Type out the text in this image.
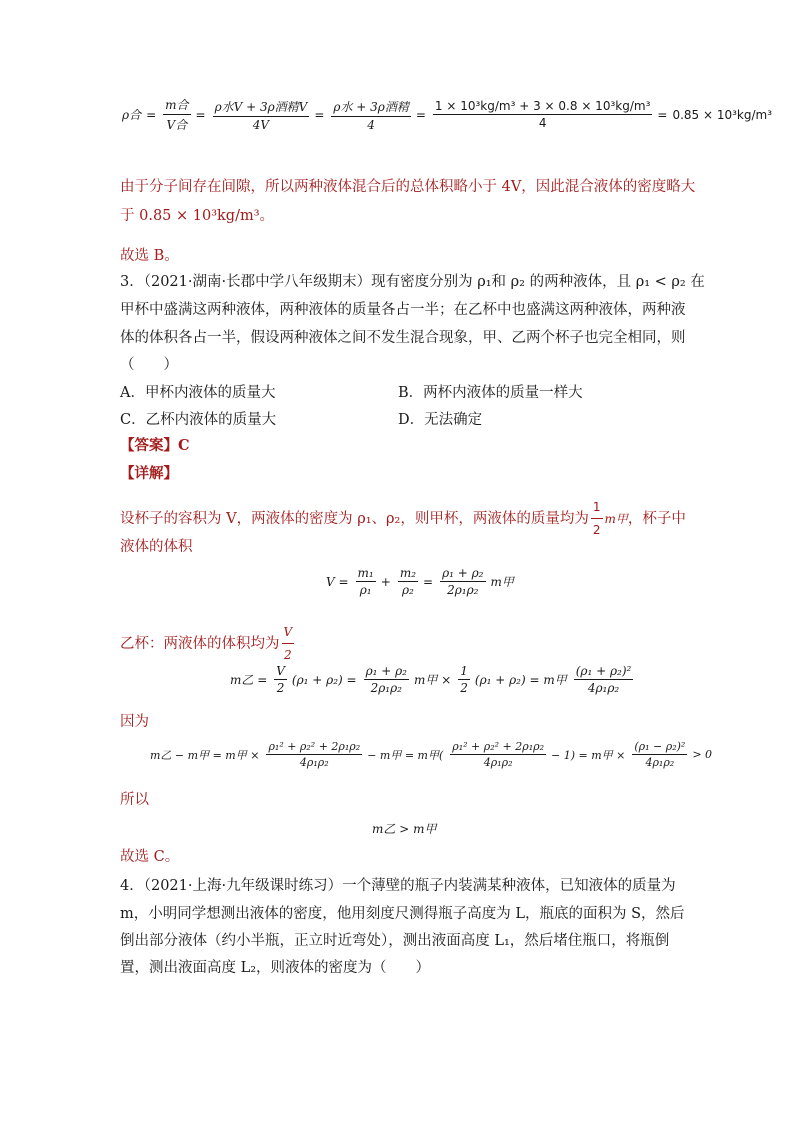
ρ合 = $\frac{\text{m合}}{\text{V合}} = \frac{\text{ρ水V + 3ρ酒精V}}{4V} = \frac{\text{ρ水 + 3ρ酒精}}{4} = \frac{\text{1 × 10³kg/m³ + 3 × 0.8 × 10³kg/m³}}{4} = 0.85 \times 10^3kg/m^3$
由于分子间存在间隙，所以两种液体混合后的总体积略小于 4V，因此混合液体的密度略大
于 0.85 × 10³kg/m³。
故选 B。
3．（2021·湖南·长郡中学八年级期末）现有密度分别为 ρ₁和 ρ₂ 的两种液体，且 ρ₁ < ρ₂ 在
甲杯中盛满这两种液体，两种液体的质量各占一半；在乙杯中也盛满这两种液体，两种液
体的体积各占一半，假设两种液体之间不发生混合现象，甲、乙两个杯子也完全相同，则
（　　）
A．甲杯内液体的质量大	B．两杯内液体的质量一样大
C．乙杯内液体的质量大	D．无法确定
【答案】C
【详解】
设杯子的容积为 V，两液体的密度为 ρ₁、ρ₂，则甲杯，两液体的质量均为 $\frac{1}{2}$ m甲 ，杯子中
液体的体积
$V = \frac{\text{m₁}}{\text{ρ₁}} + \frac{\text{m₂}}{\text{ρ₂}} = \frac{\text{ρ₁ + ρ₂}}{\text{2ρ₁ρ₂}}$ m甲
乙杯：两液体的体积均为 $\frac{V}{2}$
m乙 = $\frac{V}{2} (\rho_1 + \rho_2) = \frac{\text{ρ₁ + ρ₂}}{\text{2ρ₁ρ₂}}$ m甲 × $\frac{1}{2} (\rho_1 + \rho_2) = m$甲 $\frac{\text{(ρ₁ + ρ₂)²}}{\text{4ρ₁ρ₂}}$
因为
m乙 − m甲 = m甲 × $\frac{\text{ρ₁² + ρ₂² + 2ρ₁ρ₂}}{\text{4ρ₁ρ₂}} - m$甲 = m甲( $\frac{\text{ρ₁² + ρ₂² + 2ρ₁ρ₂}}{\text{4ρ₁ρ₂}} - 1) = m$甲 × $\frac{\text{(ρ₁ − ρ₂)²}}{\text{4ρ₁ρ₂}} > 0$
所以
m乙 > m甲
故选 C。
4．（2021·上海·九年级课时练习）一个薄壁的瓶子内装满某种液体，已知液体的质量为
m，小明同学想测出液体的密度，他用刻度尺测得瓶子高度为 L，瓶底的面积为 S，然后
倒出部分液体（约小半瓶，正立时近弯处），测出液面高度 L₁，然后堵住瓶口，将瓶倒
置，测出液面高度 L₂，则液体的密度为（　　）
